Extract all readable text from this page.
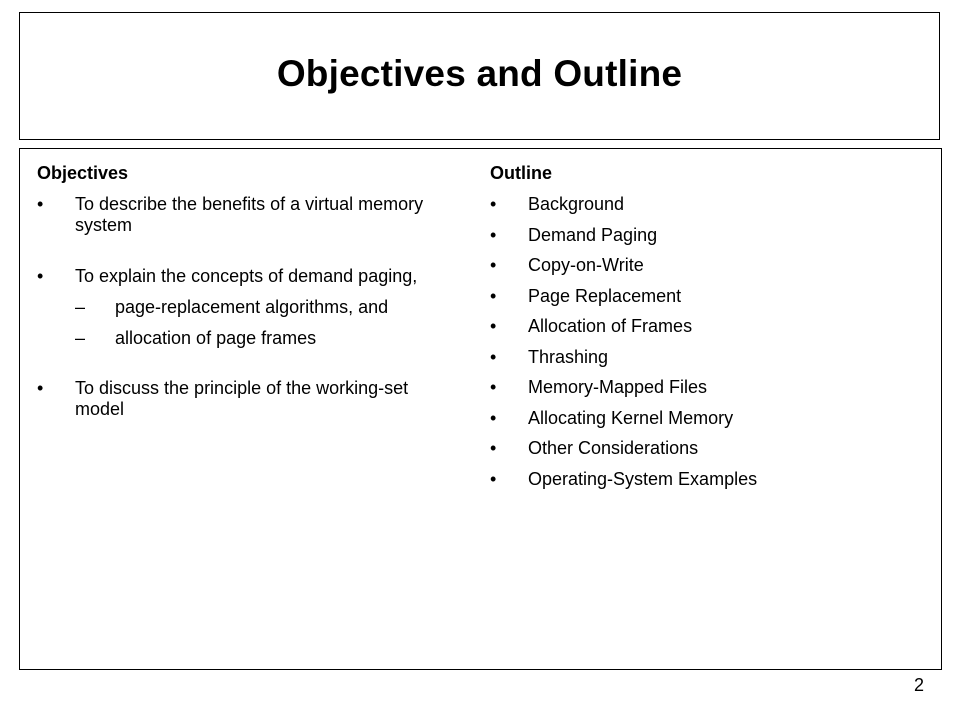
Objectives and Outline
Objectives
• To describe the benefits of a virtual memory system
• To explain the concepts of demand paging,
– page-replacement algorithms, and
– allocation of page frames
• To discuss the principle of the working-set model
Outline
• Background
• Demand Paging
• Copy-on-Write
• Page Replacement
• Allocation of Frames
• Thrashing
• Memory-Mapped Files
• Allocating Kernel Memory
• Other Considerations
• Operating-System Examples
2
